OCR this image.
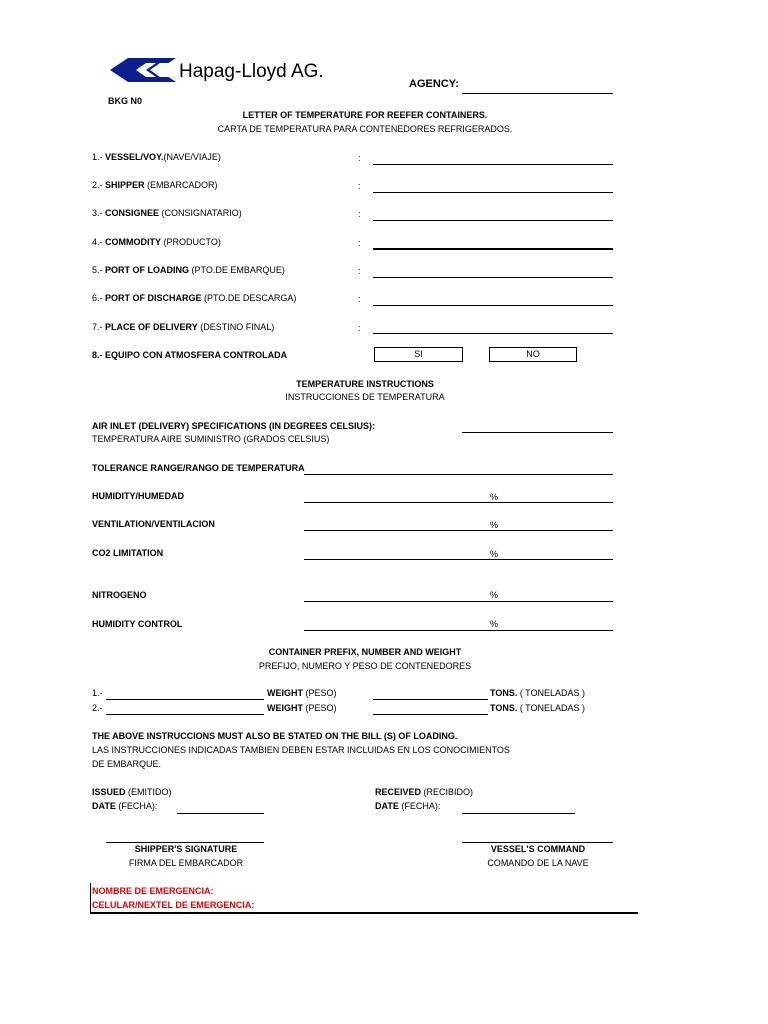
Hapag-Lloyd AG.
AGENCY:
BKG N0
LETTER OF TEMPERATURE FOR REEFER CONTAINERS.
CARTA DE TEMPERATURA PARA CONTENEDORES REFRIGERADOS.
1.- VESSEL/VOY.(NAVE/VIAJE)	:
2.- SHIPPER (EMBARCADOR)	:
3.- CONSIGNEE (CONSIGNATARIO)	:
4.- COMMODITY (PRODUCTO)	:
5.- PORT OF LOADING (PTO.DE EMBARQUE)	:
6.- PORT OF DISCHARGE (PTO.DE DESCARGA)	:
7.- PLACE OF DELIVERY (DESTINO FINAL)	:
8.- EQUIPO CON ATMOSFERA CONTROLADA	SI	NO
TEMPERATURE INSTRUCTIONS
INSTRUCCIONES DE TEMPERATURA
AIR INLET (DELIVERY) SPECIFICATIONS (IN DEGREES CELSIUS):
TEMPERATURA AIRE SUMINISTRO (GRADOS CELSIUS)
TOLERANCE RANGE/RANGO DE TEMPERATURA
HUMIDITY/HUMEDAD	%
VENTILATION/VENTILACION	%
CO2 LIMITATION	%
NITROGENO	%
HUMIDITY CONTROL	%
CONTAINER PREFIX, NUMBER AND WEIGHT
PREFIJO, NUMERO Y PESO DE CONTENEDORES
1.-	WEIGHT (PESO)	TONS. ( TONELADAS )
2.-	WEIGHT (PESO)	TONS. ( TONELADAS )
THE ABOVE INSTRUCCIONS MUST ALSO BE STATED ON THE BILL (S) OF LOADING.
LAS INSTRUCCIONES INDICADAS TAMBIEN DEBEN ESTAR INCLUIDAS EN LOS CONOCIMIENTOS
DE EMBARQUE.
ISSUED (EMITIDO)
DATE (FECHA):
RECEIVED (RECIBIDO)
DATE (FECHA):
SHIPPER'S SIGNATURE
FIRMA DEL EMBARCADOR
VESSEL'S COMMAND
COMANDO DE LA NAVE
NOMBRE DE EMERGENCIA:
CELULAR/NEXTEL DE EMERGENCIA:
